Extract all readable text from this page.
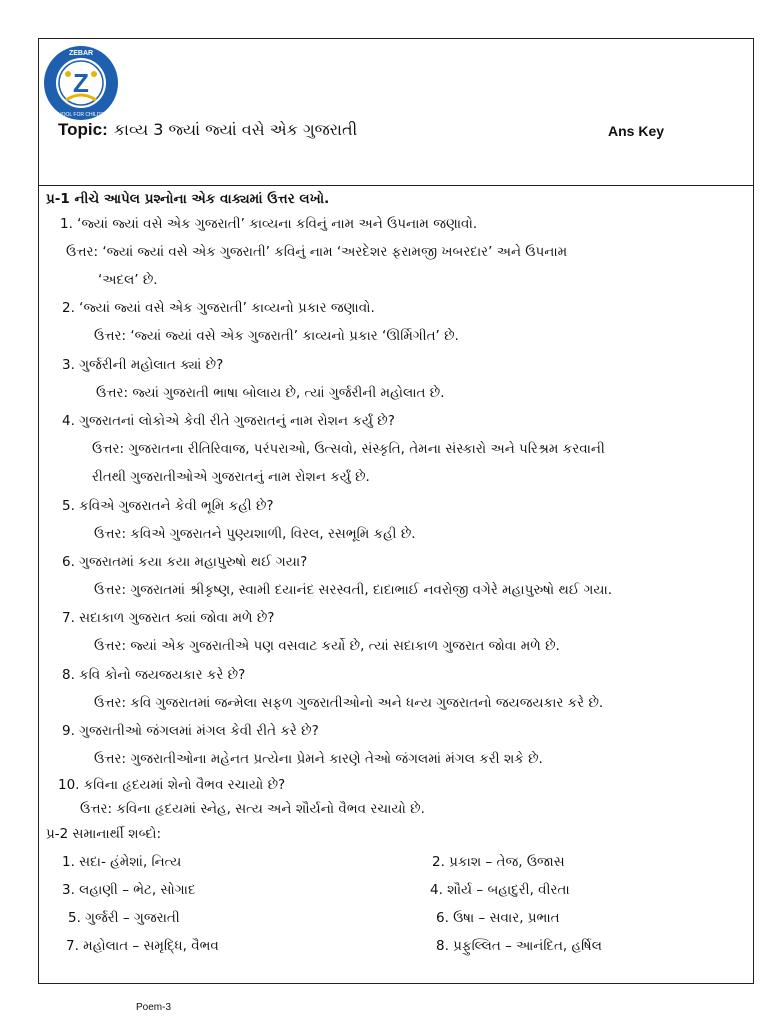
Z
ZEBAR
SCHOOL FOR CHILDREN
Topic: કાવ્ય 3 જ્યાં જ્યાં વસે એક ગુજરાતી	Ans Key
પ્ર-1 નીચે આપેલ પ્રશ્નોના એક વાક્યમાં ઉત્તર લખો.
1. ‘જ્યાં જ્યાં વસે એક ગુજરાતી’ કાવ્યના કવિનું નામ અને ઉપનામ જણાવો.
ઉત્તર: ‘જ્યાં જ્યાં વસે એક ગુજરાતી’ કવિનું નામ ‘અરદેશર ફરામજી ખબરદાર’ અને ઉપનામ
‘અદલ’ છે.
2. ‘જ્યાં જ્યાં વસે એક ગુજરાતી’ કાવ્યનો પ્રકાર જણાવો.
ઉત્તર: ‘જ્યાં જ્યાં વસે એક ગુજરાતી’ કાવ્યનો પ્રકાર ‘ઊર્મિગીત’ છે.
3. ગુર્જરીની મહોલાત ક્યાં છે?
ઉત્તર: જ્યાં ગુજરાતી ભાષા બોલાય છે, ત્યાં ગુર્જરીની મહોલાત છે.
4. ગુજરાતનાં લોકોએ કેવી રીતે ગુજરાતનું નામ રોશન કર્યું છે?
ઉત્તર: ગુજરાતના રીતિરિવાજ, પરંપરાઓ, ઉત્સવો, સંસ્કૃતિ, તેમના સંસ્કારો અને પરિશ્રમ કરવાની
રીતથી ગુજરાતીઓએ ગુજરાતનું નામ રોશન કર્યું છે.
5. કવિએ ગુજરાતને કેવી ભૂમિ કહી છે?
ઉત્તર: કવિએ ગુજરાતને પુણ્યશાળી, વિરલ, રસભૂમિ કહી છે.
6. ગુજરાતમાં કયા કયા મહાપુરુષો થઈ ગયા?
ઉત્તર: ગુજરાતમાં શ્રીકૃષ્ણ, સ્વામી દયાનંદ સરસ્વતી, દાદાભાઈ નવરોજી વગેરે મહાપુરુષો થઈ ગયા.
7. સદાકાળ ગુજરાત ક્યાં જોવા મળે છે?
ઉત્તર: જ્યાં એક ગુજરાતીએ પણ વસવાટ કર્યો છે, ત્યાં સદાકાળ ગુજરાત જોવા મળે છે.
8. કવિ કોનો જયજયકાર કરે છે?
ઉત્તર: કવિ ગુજરાતમાં જન્મેલા સફળ ગુજરાતીઓનો અને ધન્ય ગુજરાતનો જયજયકાર કરે છે.
9. ગુજરાતીઓ જંગલમાં મંગલ કેવી રીતે કરે છે?
ઉત્તર: ગુજરાતીઓના મહેનત પ્રત્યેના પ્રેમને કારણે તેઓ જંગલમાં મંગલ કરી શકે છે.
10. કવિના હૃદયમાં શેનો વૈભવ રચાયો છે?
ઉત્તર: કવિના હૃદયમાં સ્નેહ, સત્ય અને શૌર્યનો વૈભવ રચાયો છે.
પ્ર-2 સમાનાર્થી શબ્દો:
1. સદા- હંમેશાં, નિત્ય	2. પ્રકાશ – તેજ, ઉજાસ
3. લહાણી – ભેટ, સોગાદ	4. શૌર્ય – બહાદુરી, વીરતા
5. ગુર્જરી – ગુજરાતી	6. ઉષા – સવાર, પ્રભાત
7. મહોલાત – સમૃદ્ધિ, વૈભવ	8. પ્રફુલ્લિત – આનંદિત, હર્ષિલ
Poem-3
